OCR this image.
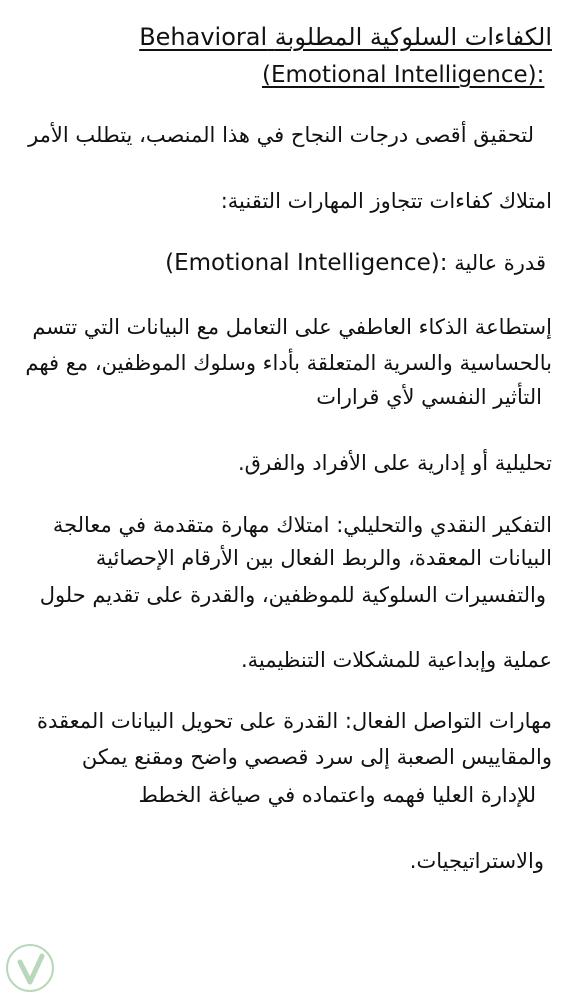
Behavioral الكفاءات السلوكية المطلوبة
(Emotional Intelligence):
لتحقيق أقصى درجات النجاح في هذا المنصب، يتطلب الأمر
امتلاك كفاءات تتجاوز المهارات التقنية:
(Emotional Intelligence): قدرة عالية
إستطاعة الذكاء العاطفي على التعامل مع البيانات التي تتسم
بالحساسية والسرية المتعلقة بأداء وسلوك الموظفين، مع فهم
التأثير النفسي لأي قرارات
تحليلية أو إدارية على الأفراد والفرق.
التفكير النقدي والتحليلي: امتلاك مهارة متقدمة في معالجة
البيانات المعقدة، والربط الفعال بين الأرقام الإحصائية
والتفسيرات السلوكية للموظفين، والقدرة على تقديم حلول
عملية وإبداعية للمشكلات التنظيمية.
مهارات التواصل الفعال: القدرة على تحويل البيانات المعقدة
والمقاييس الصعبة إلى سرد قصصي واضح ومقنع يمكن
للإدارة العليا فهمه واعتماده في صياغة الخطط
والاستراتيجيات.
